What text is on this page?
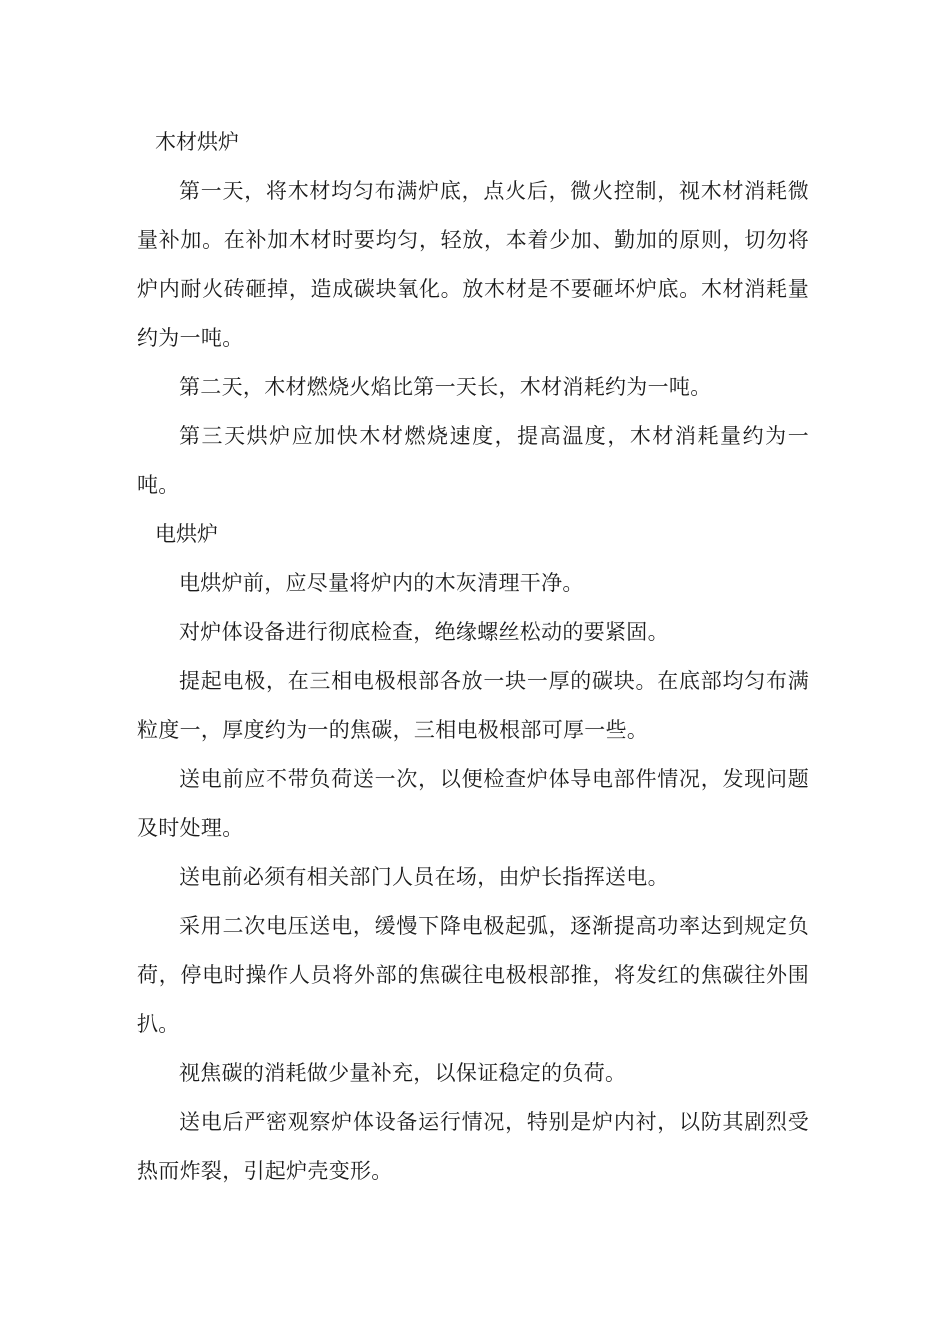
木材烘炉

第一天，将木材均匀布满炉底，点火后，微火控制，视木材消耗微量补加。在补加木材时要均匀，轻放，本着少加、勤加的原则，切勿将炉内耐火砖砸掉，造成碳块氧化。放木材是不要砸坏炉底。木材消耗量约为一吨。

第二天，木材燃烧火焰比第一天长，木材消耗约为一吨。

第三天烘炉应加快木材燃烧速度，提高温度，木材消耗量约为一吨。

电烘炉

电烘炉前，应尽量将炉内的木灰清理干净。

对炉体设备进行彻底检查，绝缘螺丝松动的要紧固。

提起电极，在三相电极根部各放一块一厚的碳块。在底部均匀布满粒度一，厚度约为一的焦碳，三相电极根部可厚一些。

送电前应不带负荷送一次，以便检查炉体导电部件情况，发现问题及时处理。

送电前必须有相关部门人员在场，由炉长指挥送电。

采用二次电压送电，缓慢下降电极起弧，逐渐提高功率达到规定负荷，停电时操作人员将外部的焦碳往电极根部推，将发红的焦碳往外围扒。

视焦碳的消耗做少量补充，以保证稳定的负荷。

送电后严密观察炉体设备运行情况，特别是炉内衬，以防其剧烈受热而炸裂，引起炉壳变形。
